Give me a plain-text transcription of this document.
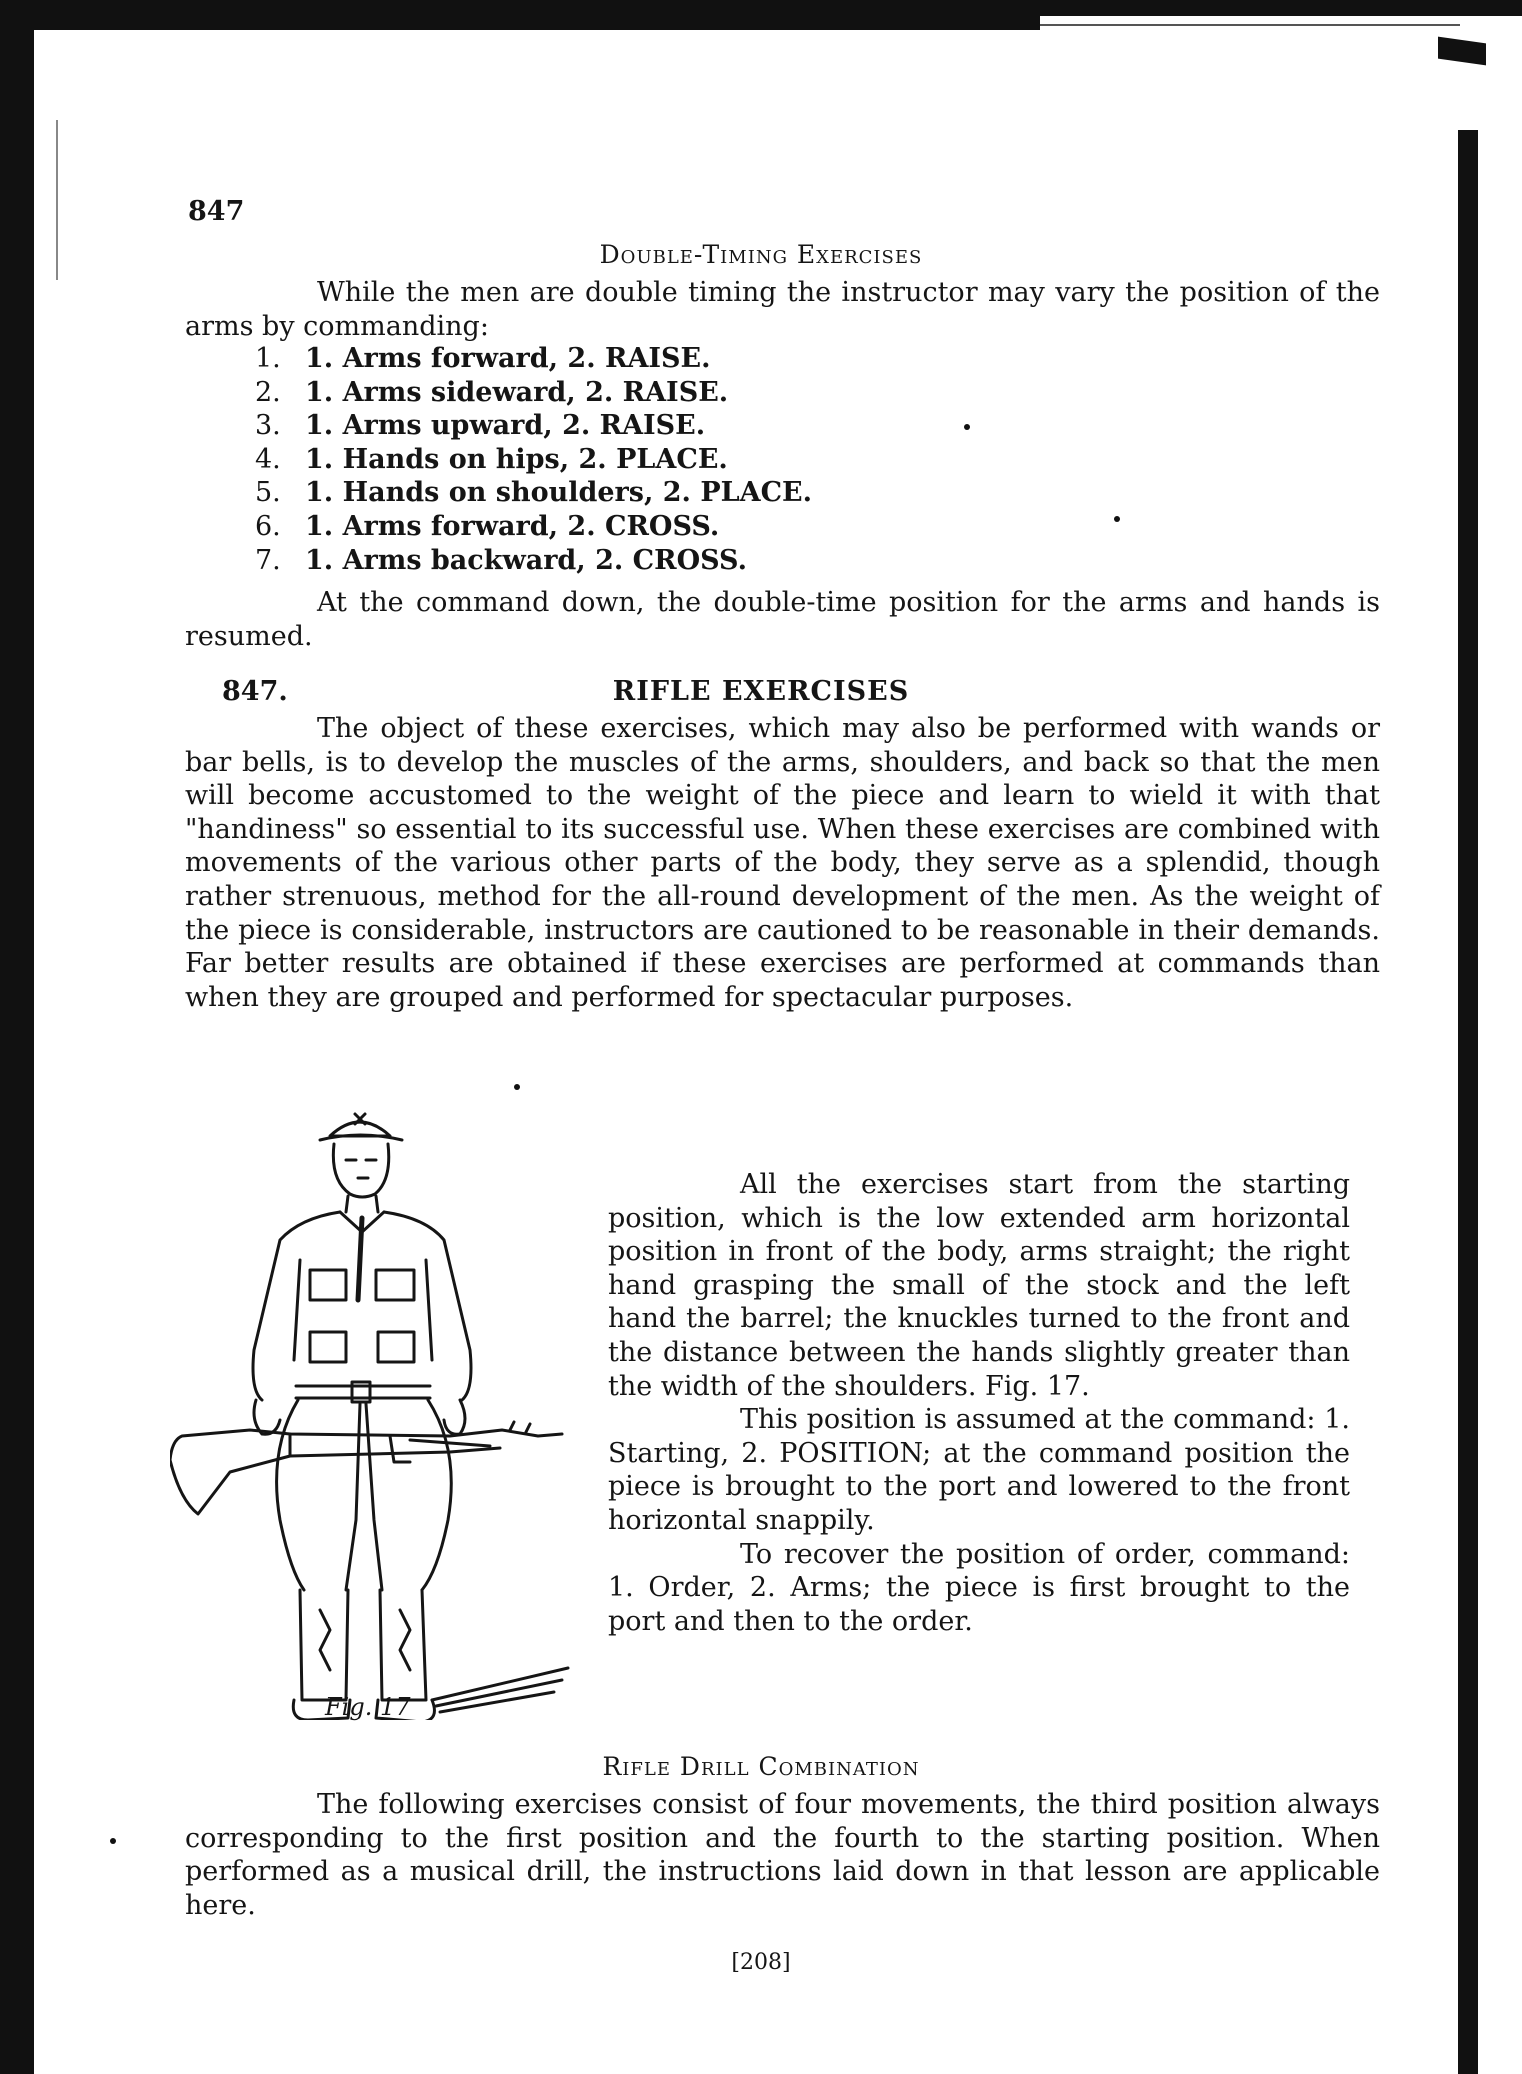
847
Double-Timing Exercises

While the men are double timing the instructor may vary the position of the arms by commanding:

1. 1. Arms forward, 2. RAISE.
2. 1. Arms sideward, 2. RAISE.
3. 1. Arms upward, 2. RAISE.
4. 1. Hands on hips, 2. PLACE.
5. 1. Hands on shoulders, 2. PLACE.
6. 1. Arms forward, 2. CROSS.
7. 1. Arms backward, 2. CROSS.

At the command down, the double-time position for the arms and hands is resumed.

847.	RIFLE EXERCISES

The object of these exercises, which may also be performed with wands or bar bells, is to develop the muscles of the arms, shoulders, and back so that the men will become accustomed to the weight of the piece and learn to wield it with that "handiness" so essential to its successful use. When these exercises are combined with movements of the various other parts of the body, they serve as a splendid, though rather strenuous, method for the all-round development of the men. As the weight of the piece is considerable, instructors are cautioned to be reasonable in their demands. Far better results are obtained if these exercises are performed at commands than when they are grouped and performed for spectacular purposes.

Fig. 17

All the exercises start from the starting position, which is the low extended arm horizontal position in front of the body, arms straight; the right hand grasping the small of the stock and the left hand the barrel; the knuckles turned to the front and the distance between the hands slightly greater than the width of the shoulders. Fig. 17.

This position is assumed at the command: 1. Starting, 2. POSITION; at the command position the piece is brought to the port and lowered to the front horizontal snappily.

To recover the position of order, command: 1. Order, 2. Arms; the piece is first brought to the port and then to the order.

Rifle Drill Combination

The following exercises consist of four movements, the third position always corresponding to the first position and the fourth to the starting position. When performed as a musical drill, the instructions laid down in that lesson are applicable here.

[208]
